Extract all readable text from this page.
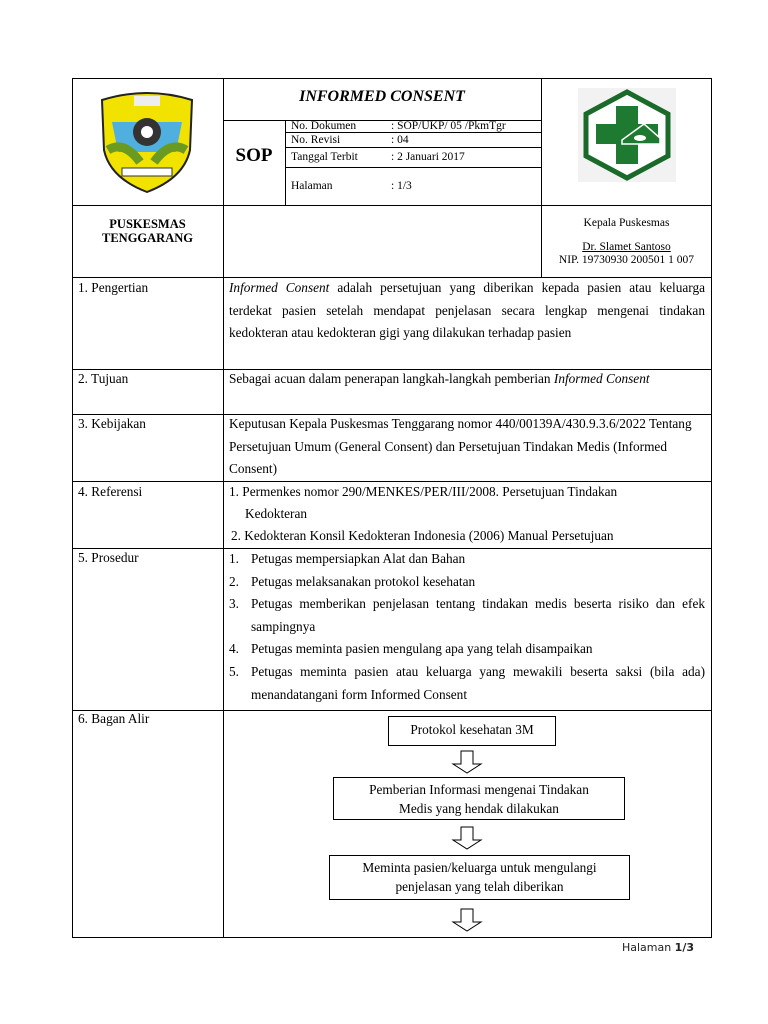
INFORMED CONSENT
SOP
No. Dokumen	: SOP/UKP/ 05 /PkmTgr
No. Revisi	: 04
Tanggal Terbit	: 2 Januari 2017
Halaman	: 1/3
PUSKESMAS
TENGGARANG
Kepala Puskesmas
Dr. Slamet Santoso
NIP. 19730930 200501 1 007
1. Pengertian	Informed Consent adalah persetujuan yang diberikan kepada pasien atau keluarga terdekat pasien setelah mendapat penjelasan secara lengkap mengenai tindakan kedokteran atau kedokteran gigi yang dilakukan terhadap pasien
2. Tujuan	Sebagai acuan dalam penerapan langkah-langkah pemberian Informed Consent
3. Kebijakan	Keputusan Kepala Puskesmas Tenggarang nomor 440/00139A/430.9.3.6/2022 Tentang Persetujuan Umum (General Consent) dan Persetujuan Tindakan Medis (Informed Consent)
4. Referensi	1. Permenkes nomor 290/MENKES/PER/III/2008. Persetujuan Tindakan
Kedokteran
2. Kedokteran Konsil Kedokteran Indonesia (2006) Manual Persetujuan
5. Prosedur	1. Petugas mempersiapkan Alat dan Bahan
2. Petugas melaksanakan protokol kesehatan
3. Petugas memberikan penjelasan tentang tindakan medis beserta risiko dan efek sampingnya
4. Petugas meminta pasien mengulang apa yang telah disampaikan
5. Petugas meminta pasien atau keluarga yang mewakili beserta saksi (bila ada) menandatangani form Informed Consent
6. Bagan Alir
Protokol kesehatan 3M
Pemberian Informasi mengenai Tindakan Medis yang hendak dilakukan
Meminta pasien/keluarga untuk mengulangi penjelasan yang telah diberikan
Halaman 1/3
